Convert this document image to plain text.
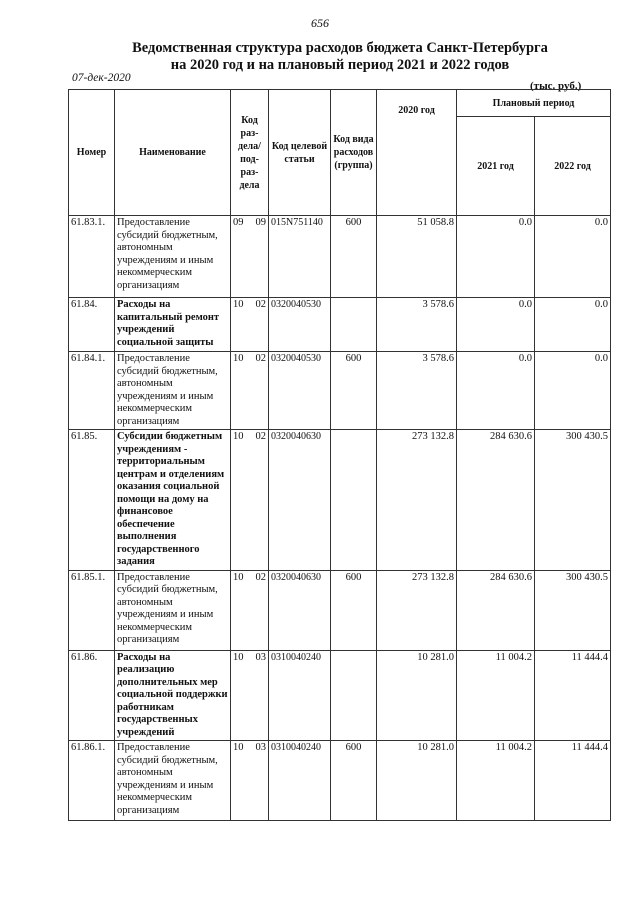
656
Ведомственная структура расходов бюджета Санкт-Петербурга
на 2020 год и на плановый период 2021 и 2022 годов
07-дек-2020
(тыс. руб.)
Номер	Наименование	Код раз- дела/ под- раз- дела	Код целевой статьи	Код вида расходов (группа)	2020 год	Плановый период	
						2021 год	2022 год
61.83.1.	Предоставление субсидий бюджетным, автономным учреждениям и иным некоммерческим организациям	09 09	015N751140	600	51 058.8	0.0	0.0
61.84.	Расходы на капитальный ремонт учреждений социальной защиты	10 02	0320040530		3 578.6	0.0	0.0
61.84.1.	Предоставление субсидий бюджетным, автономным учреждениям и иным некоммерческим организациям	10 02	0320040530	600	3 578.6	0.0	0.0
61.85.	Субсидии бюджетным учреждениям - территориальным центрам и отделениям оказания социальной помощи на дому на финансовое обеспечение выполнения государственного задания	10 02	0320040630		273 132.8	284 630.6	300 430.5
61.85.1.	Предоставление субсидий бюджетным, автономным учреждениям и иным некоммерческим организациям	10 02	0320040630	600	273 132.8	284 630.6	300 430.5
61.86.	Расходы на реализацию дополнительных мер социальной поддержки работникам государственных учреждений	10 03	0310040240		10 281.0	11 004.2	11 444.4
61.86.1.	Предоставление субсидий бюджетным, автономным учреждениям и иным некоммерческим организациям	10 03	0310040240	600	10 281.0	11 004.2	11 444.4
